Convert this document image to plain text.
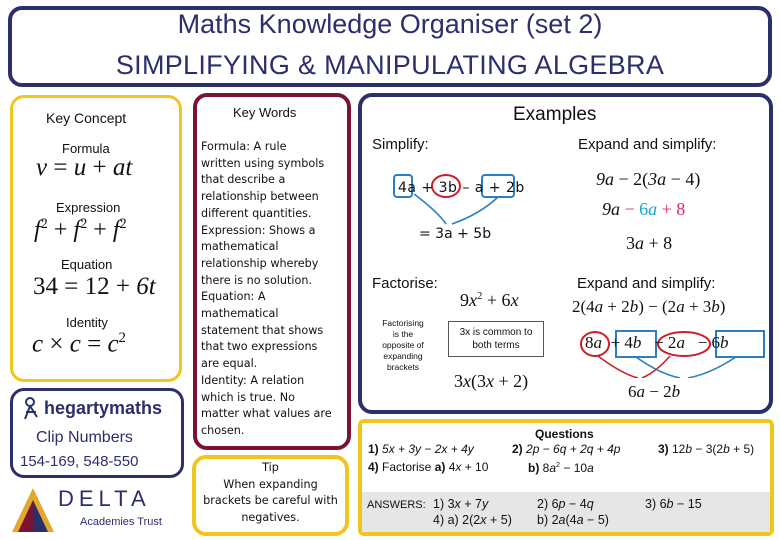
Maths Knowledge Organiser (set 2)
SIMPLIFYING & MANIPULATING ALGEBRA
Key Concept
Formula
v = u + at
Expression
$f^2 + f^2 + f^2$
Equation
34 = 12 + 6t
Identity
$c \times c = c^2$
hegartymaths
Clip Numbers
154-169, 548-550
DELTA
Academies Trust
Key Words
Formula: A rule
written using symbols
that describe a
relationship between
different quantities.
Expression: Shows a
mathematical
relationship whereby
there is no solution.
Equation: A
mathematical
statement that shows
that two expressions
are equal.
Identity: A relation
which is true. No
matter what values are
chosen.
Tip
When expanding
brackets be careful with
negatives.
Examples
Simplify:	Expand and simplify:
4a + 3b – a + 2b
= 3a + 5b
9a − 2(3a − 4)
9a − 6a + 8
3a + 8
Factorise:	Expand and simplify:
$9x^2 + 6x$
Factorising
is the
opposite of
expanding
brackets
3x is common to both terms
3x(3x + 2)
2(4a + 2b) − (2a + 3b)
8a  + 4b   − 2a   − 6b
6a − 2b
Questions
1) 5x + 3y − 2x + 4y	2) 2p − 6q + 2q + 4p	3) 12b − 3(2b + 5)
4) Factorise a) 4x + 10	b) $8a^2 - 10a$
ANSWERS: 1) 3x + 7y	2) 6p − 4q	3) 6b − 15
4) a) 2(2x + 5) b) 2a(4a − 5)
